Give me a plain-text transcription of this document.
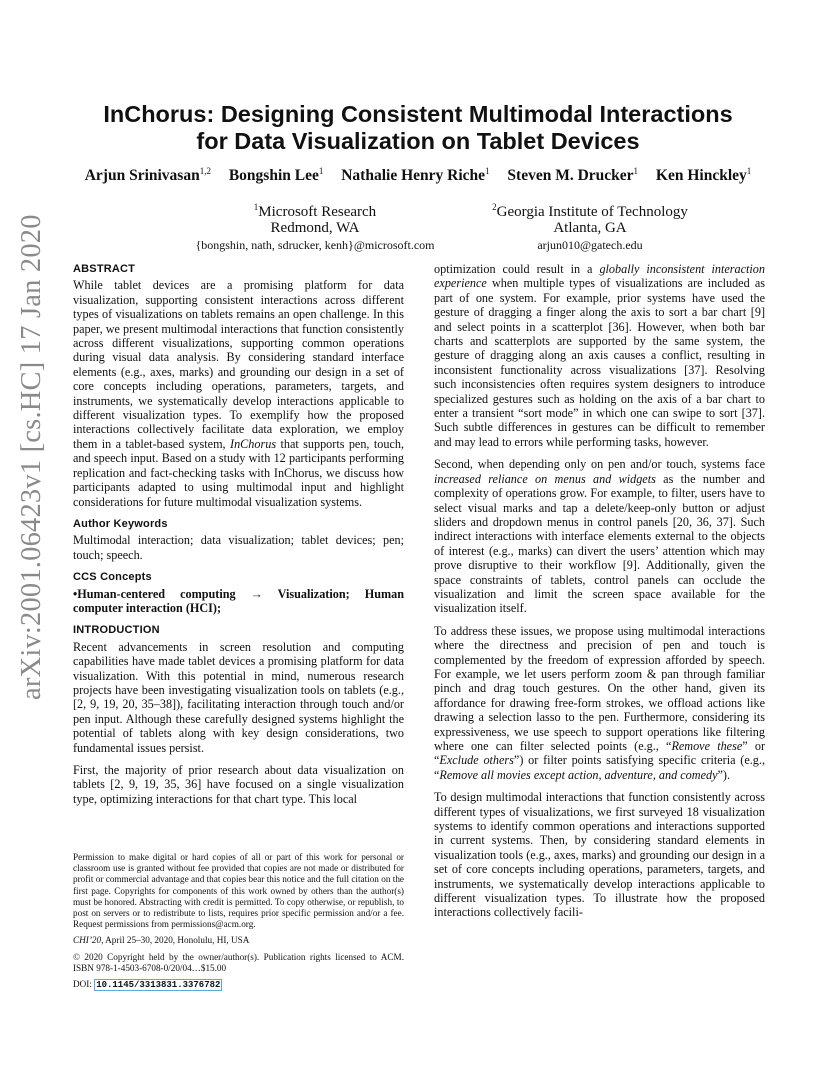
arXiv:2001.06423v1 [cs.HC] 17 Jan 2020
InChorus: Designing Consistent Multimodal Interactions
for Data Visualization on Tablet Devices
Arjun Srinivasan$^{1,2}$ Bongshin Lee$^1$ Nathalie Henry Riche$^1$ Steven M. Drucker$^1$ Ken Hinckley$^1$
$^1$Microsoft Research
Redmond, WA
{bongshin, nath, sdrucker, kenh}@microsoft.com
$^2$Georgia Institute of Technology
Atlanta, GA
arjun010@gatech.edu
ABSTRACT

While tablet devices are a promising platform for data visualization, supporting consistent interactions across different types of visualizations on tablets remains an open challenge. In this paper, we present multimodal interactions that function consistently across different visualizations, supporting common operations during visual data analysis. By considering standard interface elements (e.g., axes, marks) and grounding our design in a set of core concepts including operations, parameters, targets, and instruments, we systematically develop interactions applicable to different visualization types. To exemplify how the proposed interactions collectively facilitate data exploration, we employ them in a tablet-based system, InChorus that supports pen, touch, and speech input. Based on a study with 12 participants performing replication and fact-checking tasks with InChorus, we discuss how participants adapted to using multimodal input and highlight considerations for future multimodal visualization systems.

Author Keywords

Multimodal interaction; data visualization; tablet devices; pen; touch; speech.

CCS Concepts

•Human-centered computing → Visualization; Human computer interaction (HCI);

INTRODUCTION

Recent advancements in screen resolution and computing capabilities have made tablet devices a promising platform for data visualization. With this potential in mind, numerous research projects have been investigating visualization tools on tablets (e.g., [2, 9, 19, 20, 35–38]), facilitating interaction through touch and/or pen input. Although these carefully designed systems highlight the potential of tablets along with key design considerations, two fundamental issues persist.

First, the majority of prior research about data visualization on tablets [2, 9, 19, 35, 36] have focused on a single visualization type, optimizing interactions for that chart type. This local

Permission to make digital or hard copies of all or part of this work for personal or classroom use is granted without fee provided that copies are not made or distributed for profit or commercial advantage and that copies bear this notice and the full citation on the first page. Copyrights for components of this work owned by others than the author(s) must be honored. Abstracting with credit is permitted. To copy otherwise, or republish, to post on servers or to redistribute to lists, requires prior specific permission and/or a fee. Request permissions from permissions@acm.org.

CHI’20, April 25–30, 2020, Honolulu, HI, USA

© 2020 Copyright held by the owner/author(s). Publication rights licensed to ACM. ISBN 978-1-4503-6708-0/20/04…$15.00

DOI: 10.1145/3313831.3376782

optimization could result in a globally inconsistent interaction experience when multiple types of visualizations are included as part of one system. For example, prior systems have used the gesture of dragging a finger along the axis to sort a bar chart [9] and select points in a scatterplot [36]. However, when both bar charts and scatterplots are supported by the same system, the gesture of dragging along an axis causes a conflict, resulting in inconsistent functionality across visualizations [37]. Resolving such inconsistencies often requires system designers to introduce specialized gestures such as holding on the axis of a bar chart to enter a transient “sort mode” in which one can swipe to sort [37]. Such subtle differences in gestures can be difficult to remember and may lead to errors while performing tasks, however.

Second, when depending only on pen and/or touch, systems face increased reliance on menus and widgets as the number and complexity of operations grow. For example, to filter, users have to select visual marks and tap a delete/keep-only button or adjust sliders and dropdown menus in control panels [20, 36, 37]. Such indirect interactions with interface elements external to the objects of interest (e.g., marks) can divert the users’ attention which may prove disruptive to their workflow [9]. Additionally, given the space constraints of tablets, control panels can occlude the visualization and limit the screen space available for the visualization itself.

To address these issues, we propose using multimodal interactions where the directness and precision of pen and touch is complemented by the freedom of expression afforded by speech. For example, we let users perform zoom & pan through familiar pinch and drag touch gestures. On the other hand, given its affordance for drawing free-form strokes, we offload actions like drawing a selection lasso to the pen. Furthermore, considering its expressiveness, we use speech to support operations like filtering where one can filter selected points (e.g., “Remove these” or “Exclude others”) or filter points satisfying specific criteria (e.g., “Remove all movies except action, adventure, and comedy”).

To design multimodal interactions that function consistently across different types of visualizations, we first surveyed 18 visualization systems to identify common operations and interactions supported in current systems. Then, by considering standard elements in visualization tools (e.g., axes, marks) and grounding our design in a set of core concepts including operations, parameters, targets, and instruments, we systematically develop interactions applicable to different visualization types. To illustrate how the proposed interactions collectively facili-
